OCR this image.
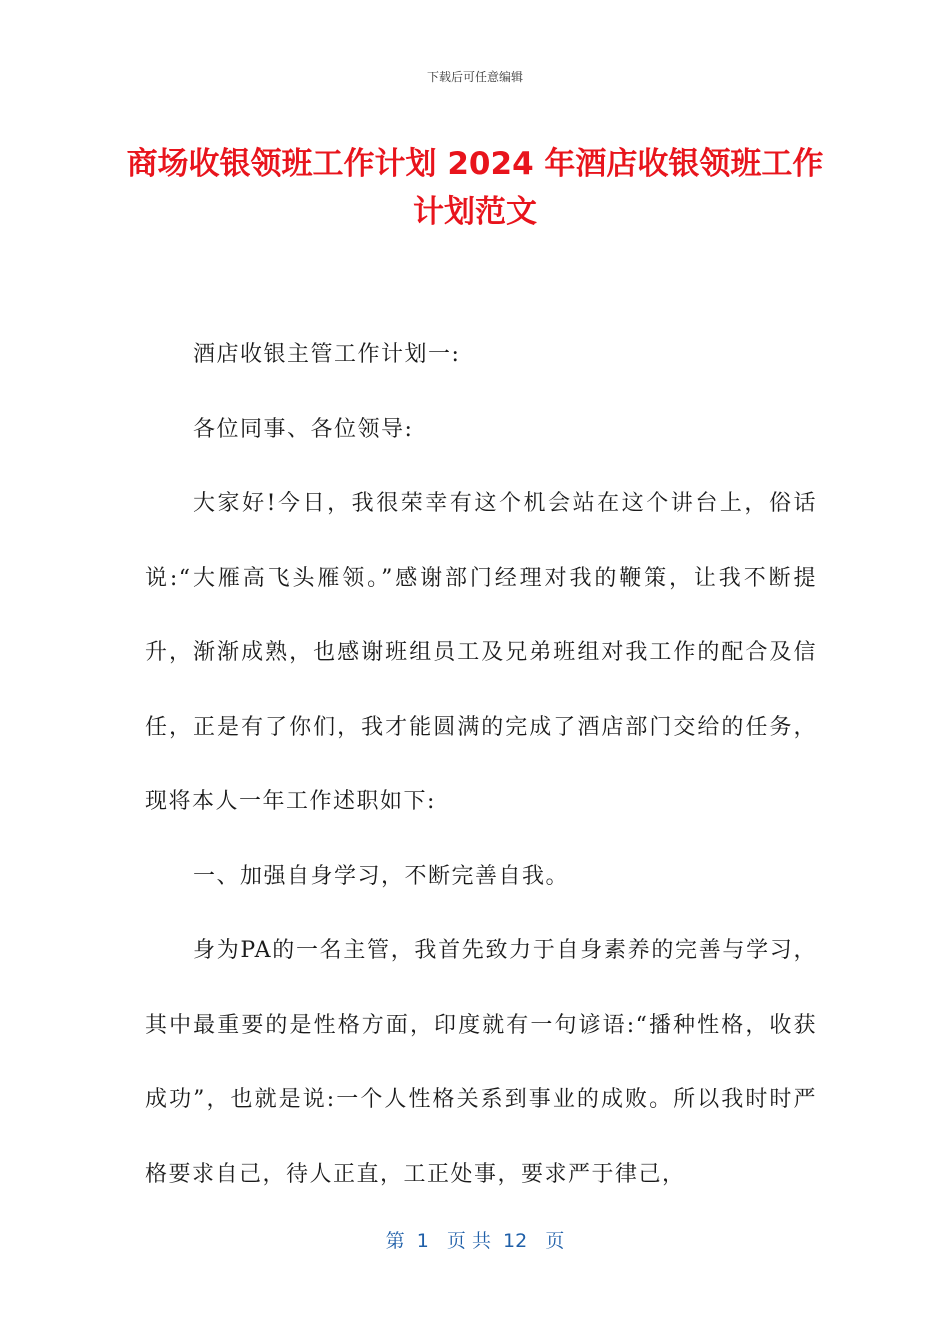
下载后可任意编辑
商场收银领班工作计划 2024 年酒店收银领班工作计划范文

酒店收银主管工作计划一:

各位同事、各位领导:

大家好!今日，我很荣幸有这个机会站在这个讲台上，俗话说:“大雁高飞头雁领。”感谢部门经理对我的鞭策，让我不断提升，渐渐成熟，也感谢班组员工及兄弟班组对我工作的配合及信任，正是有了你们，我才能圆满的完成了酒店部门交给的任务，现将本人一年工作述职如下:

一、加强自身学习，不断完善自我。

身为PA的一名主管，我首先致力于自身素养的完善与学习，其中最重要的是性格方面，印度就有一句谚语:“播种性格，收获成功”，也就是说:一个人性格关系到事业的成败。所以我时时严格要求自己，待人正直，工正处事，要求严于律己，

第  1   页 共  12   页
